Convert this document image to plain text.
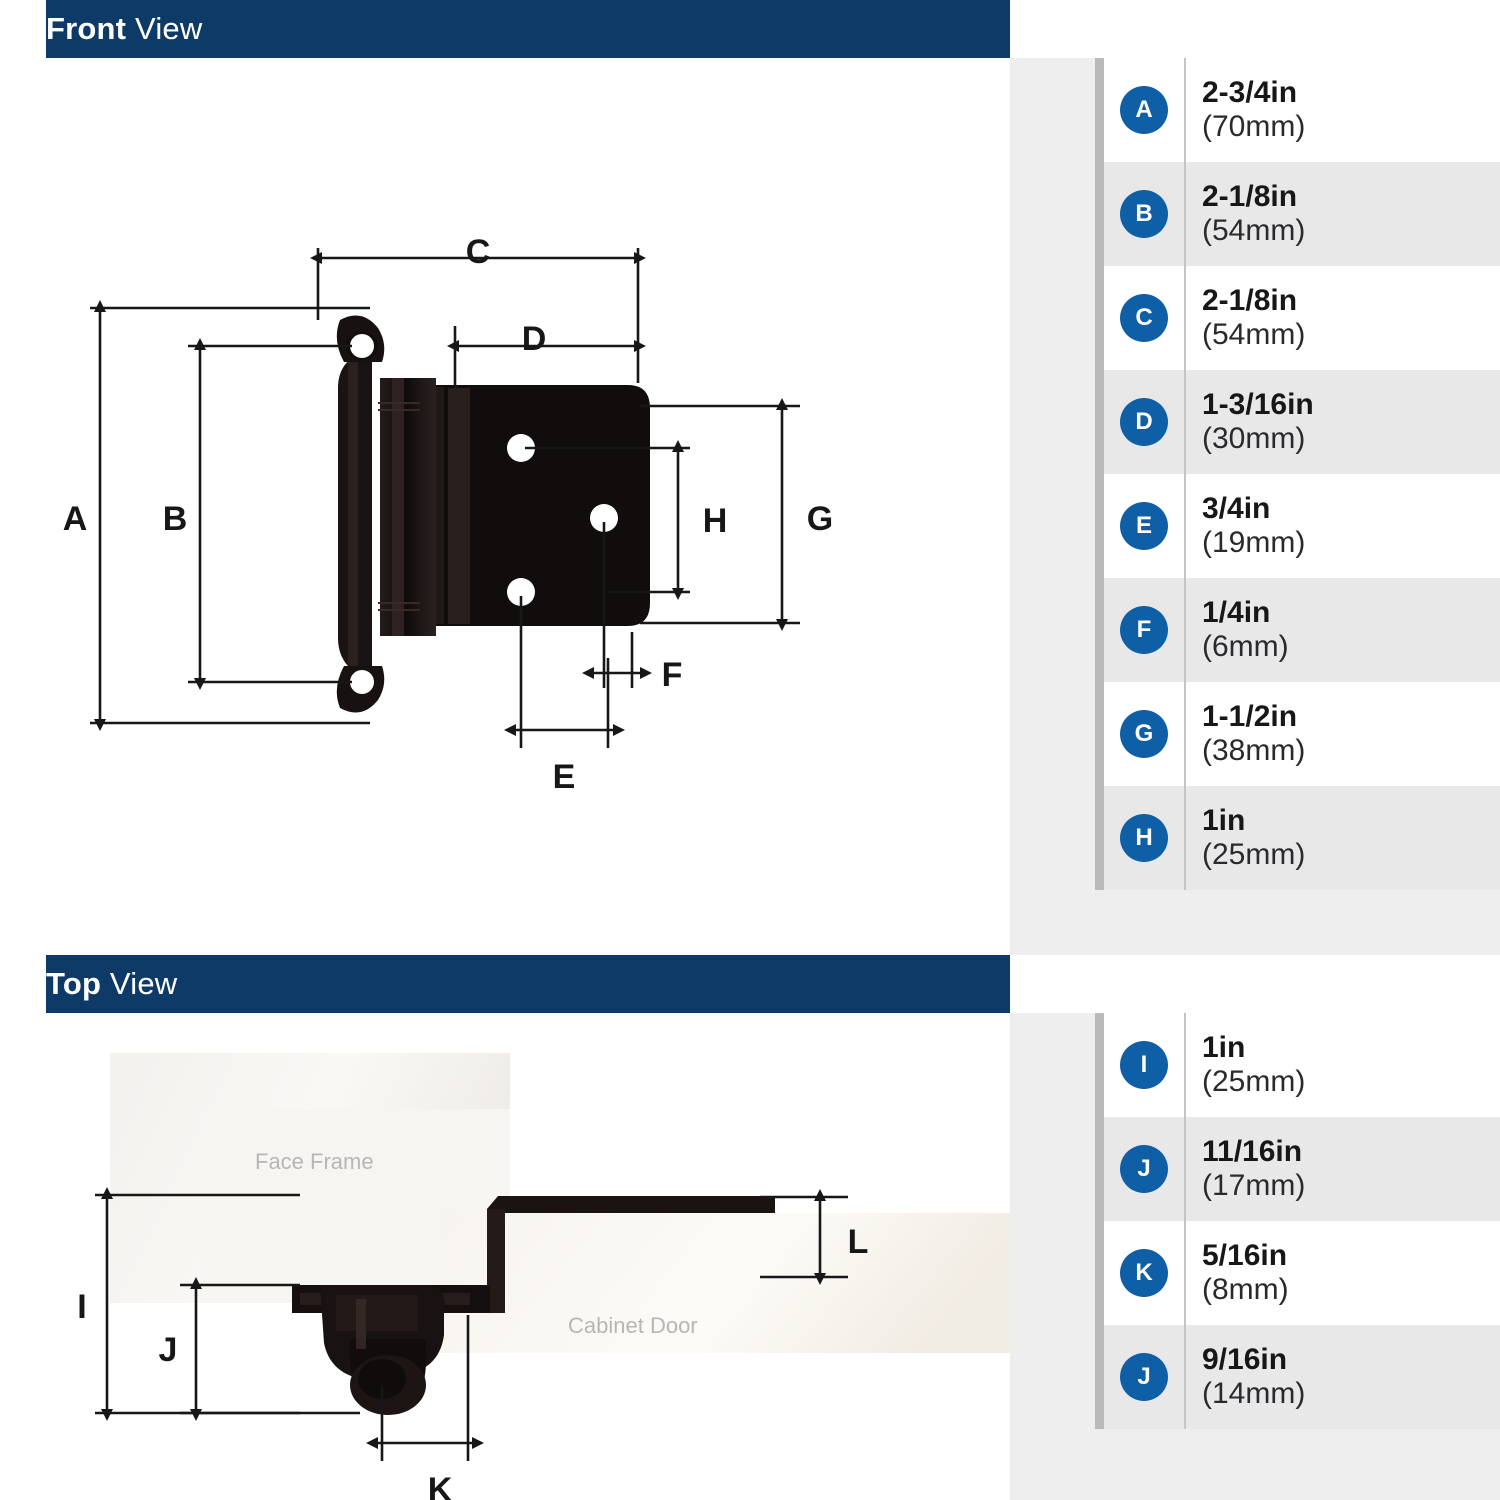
Front View
A
2-3/4in
(70mm)
B
2-1/8in
(54mm)
C
2-1/8in
(54mm)
D
1-3/16in
(30mm)
E
3/4in
(19mm)
F
1/4in
(6mm)
G
1-1/2in
(38mm)
H
1in
(25mm)
C
D
A B	G
H
F
E
Top View
I
1in
(25mm)
J
11/16in
(17mm)
K
5/16in
(8mm)
J
9/16in
(14mm)
Face Frame
Cabinet Door
I
J
K
L
